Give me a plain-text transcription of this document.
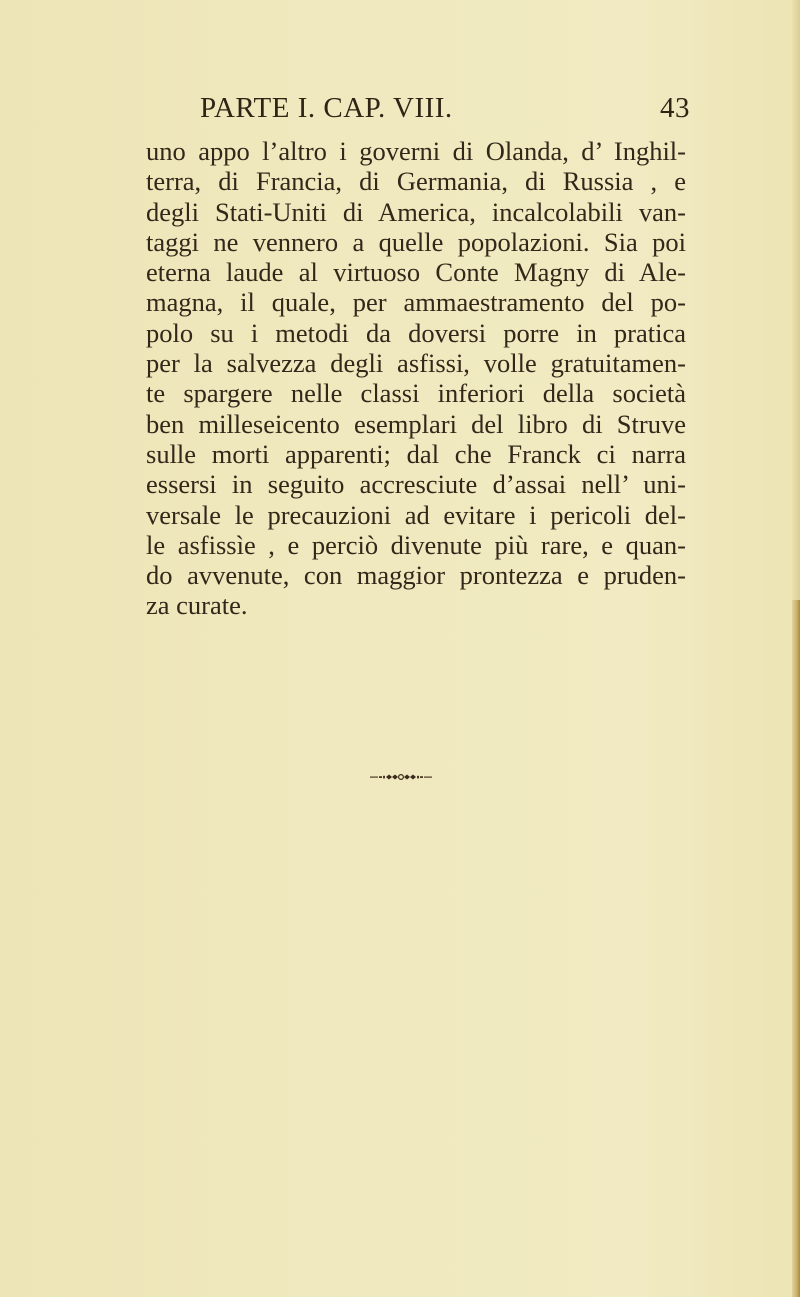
PARTE I. CAP. VIII.	43
uno appo l’altro i governi di Olanda, d’ Inghil-
terra, di Francia, di Germania, di Russia , e
degli Stati-Uniti di America, incalcolabili van-
taggi ne vennero a quelle popolazioni. Sia poi
eterna laude al virtuoso Conte Magny di Ale-
magna, il quale, per ammaestramento del po-
polo su i metodi da doversi porre in pratica
per la salvezza degli asfissi, volle gratuitamen-
te spargere nelle classi inferiori della società
ben milleseicento esemplari del libro di Struve
sulle morti apparenti; dal che Franck ci narra
essersi in seguito accresciute d’assai nell’ uni-
versale le precauzioni ad evitare i pericoli del-
le asfissìe , e perciò divenute più rare, e quan-
do avvenute, con maggior prontezza e pruden-
za curate.
